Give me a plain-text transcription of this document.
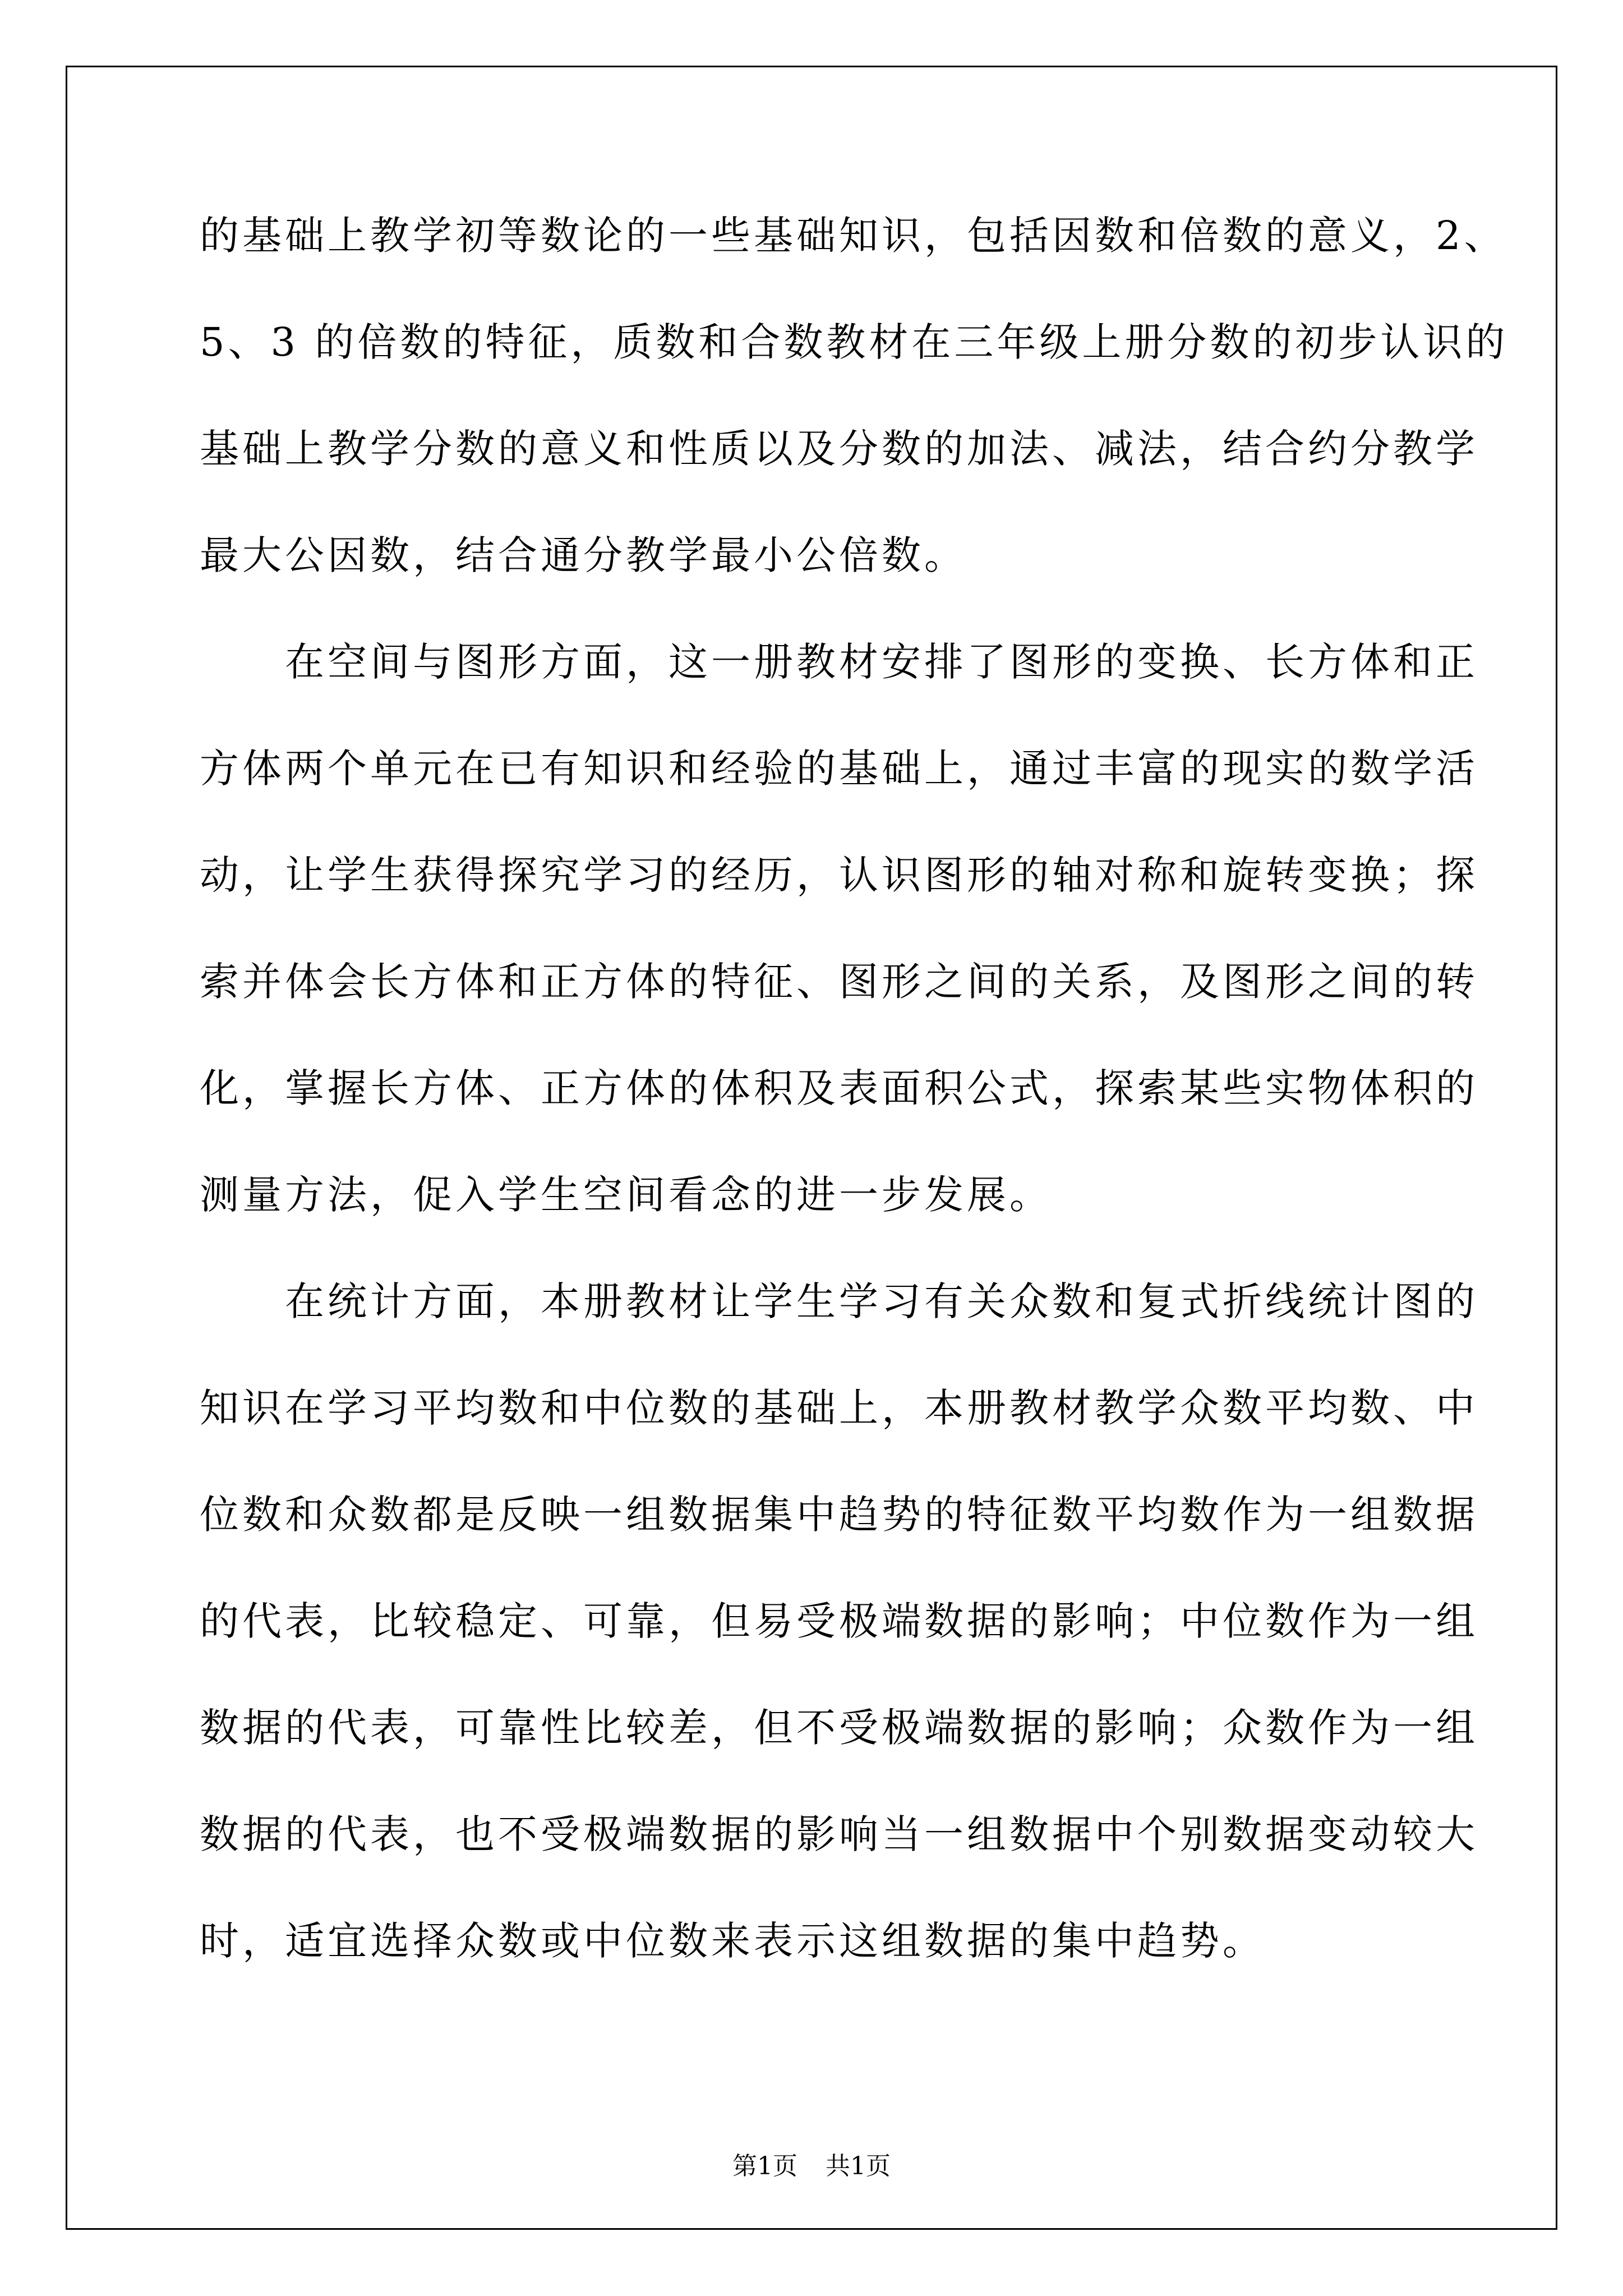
的基础上教学初等数论的一些基础知识，包括因数和倍数的意义，2、
5、3 的倍数的特征，质数和合数教材在三年级上册分数的初步认识的
基础上教学分数的意义和性质以及分数的加法、减法，结合约分教学
最大公因数，结合通分教学最小公倍数。
　　在空间与图形方面，这一册教材安排了图形的变换、长方体和正
方体两个单元在已有知识和经验的基础上，通过丰富的现实的数学活
动，让学生获得探究学习的经历，认识图形的轴对称和旋转变换；探
索并体会长方体和正方体的特征、图形之间的关系，及图形之间的转
化，掌握长方体、正方体的体积及表面积公式，探索某些实物体积的
测量方法，促入学生空间看念的进一步发展。
　　在统计方面，本册教材让学生学习有关众数和复式折线统计图的
知识在学习平均数和中位数的基础上，本册教材教学众数平均数、中
位数和众数都是反映一组数据集中趋势的特征数平均数作为一组数据
的代表，比较稳定、可靠，但易受极端数据的影响；中位数作为一组
数据的代表，可靠性比较差，但不受极端数据的影响；众数作为一组
数据的代表，也不受极端数据的影响当一组数据中个别数据变动较大
时，适宜选择众数或中位数来表示这组数据的集中趋势。
第1页 共1页
